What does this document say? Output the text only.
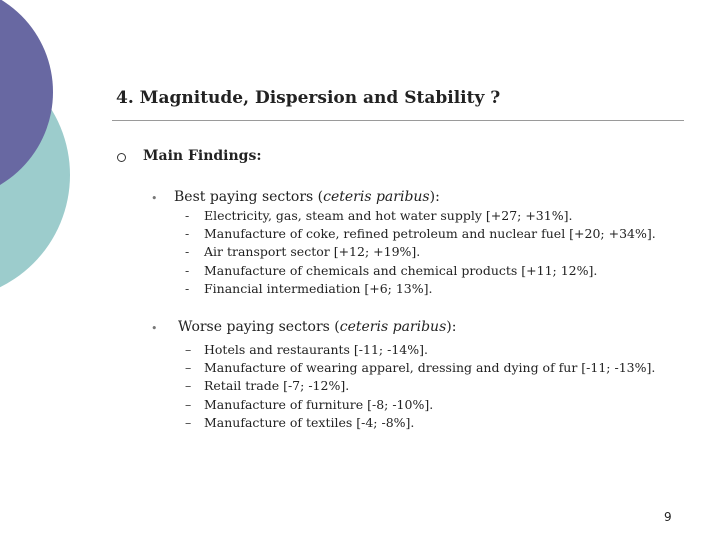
4. Magnitude, Dispersion and Stability ?
Main Findings:
• Best paying sectors (ceteris paribus):
-	Electricity, gas, steam and hot water supply [+27; +31%].
-	Manufacture of coke, refined petroleum and nuclear fuel [+20; +34%].
-	Air transport sector [+12; +19%].
-	Manufacture of chemicals and chemical products [+11; 12%].
-	Financial intermediation [+6; 13%].
• Worse paying sectors (ceteris paribus):
–	Hotels and restaurants [-11; -14%].
–	Manufacture of wearing apparel, dressing and dying of fur [-11; -13%].
–	Retail trade [-7; -12%].
–	Manufacture of furniture [-8; -10%].
–	Manufacture of textiles [-4; -8%].
9
